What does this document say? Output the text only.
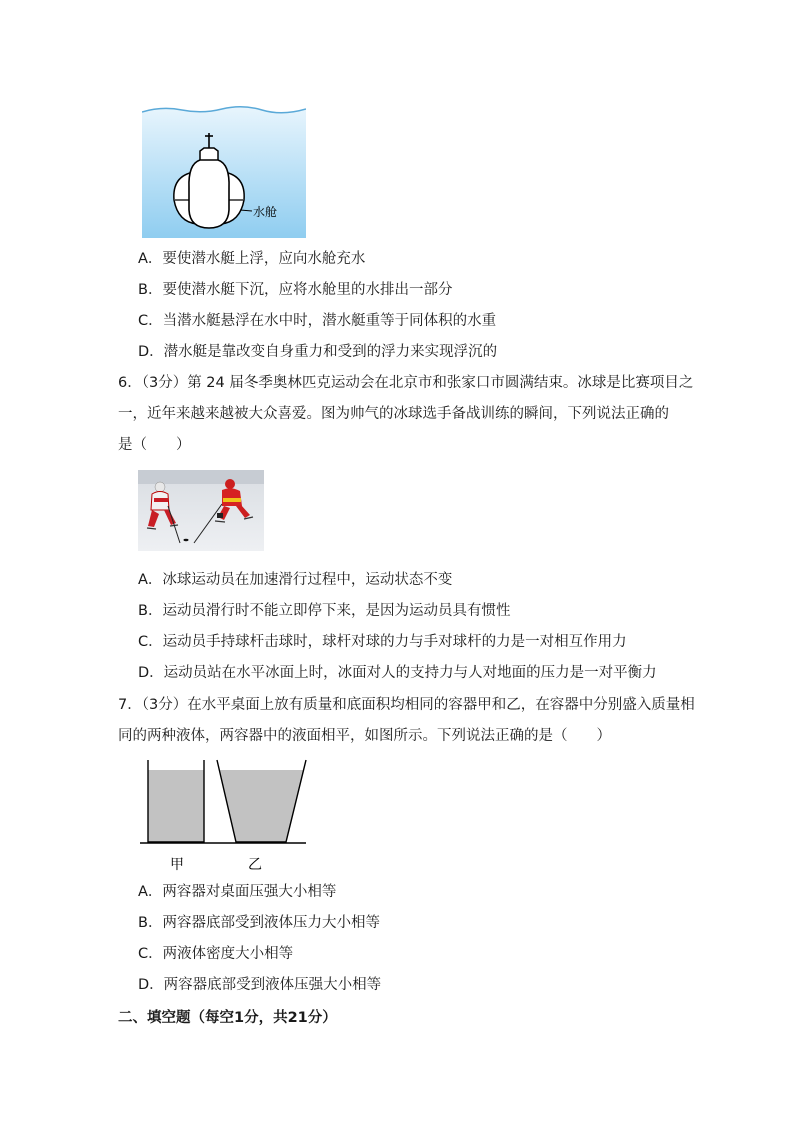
水舱
A．要使潜水艇上浮，应向水舱充水
B．要使潜水艇下沉，应将水舱里的水排出一部分
C．当潜水艇悬浮在水中时，潜水艇重等于同体积的水重
D．潜水艇是靠改变自身重力和受到的浮力来实现浮沉的
6．（3分）第 24 届冬季奥林匹克运动会在北京市和张家口市圆满结束。冰球是比赛项目之
一，近年来越来越被大众喜爱。图为帅气的冰球选手备战训练的瞬间，下列说法正确的
是（　　）
A．冰球运动员在加速滑行过程中，运动状态不变
B．运动员滑行时不能立即停下来，是因为运动员具有惯性
C．运动员手持球杆击球时，球杆对球的力与手对球杆的力是一对相互作用力
D．运动员站在水平冰面上时，冰面对人的支持力与人对地面的压力是一对平衡力
7．（3分）在水平桌面上放有质量和底面积均相同的容器甲和乙，在容器中分别盛入质量相
同的两种液体，两容器中的液面相平，如图所示。下列说法正确的是（　　）
甲	乙
A．两容器对桌面压强大小相等
B．两容器底部受到液体压力大小相等
C．两液体密度大小相等
D．两容器底部受到液体压强大小相等
二、填空题（每空1分，共21分）
